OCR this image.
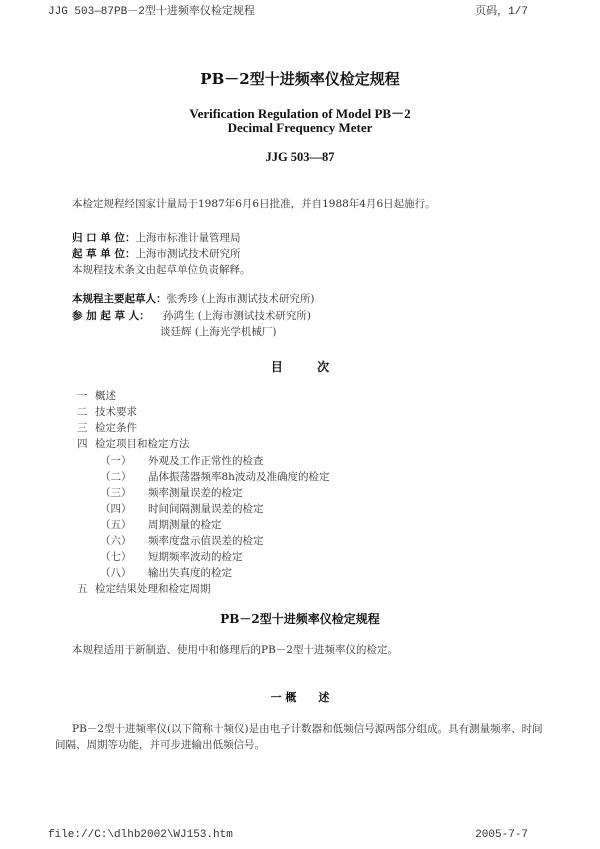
JJG 503—87PB－2型十进频率仪检定规程	页码，1/7
PB－2型十进频率仪检定规程
Verification Regulation of Model PB－2
Decimal Frequency Meter
JJG 503—87
本检定规程经国家计量局于1987年6月6日批准，并自1988年4月6日起施行。
归 口 单 位：上海市标准计量管理局
起 草 单 位：上海市测试技术研究所
本规程技术条文由起草单位负责解释。
本规程主要起草人：张秀珍 (上海市测试技术研究所)
参 加 起 草 人： 孙鸿生 (上海市测试技术研究所)
谈廷辉 (上海光学机械厂)
目 次
一 概述
二 技术要求
三 检定条件
四 检定项目和检定方法
（一） 外观及工作正常性的检查
（二） 晶体振荡器频率8h波动及准确度的检定
（三） 频率测量误差的检定
（四） 时间间隔测量误差的检定
（五） 周期测量的检定
（六） 频率度盘示值误差的检定
（七） 短期频率波动的检定
（八） 输出失真度的检定
五 检定结果处理和检定周期
PB－2型十进频率仪检定规程
本规程适用于新制造、使用中和修理后的PB－2型十进频率仪的检定。
一 概　　述
PB－2型十进频率仪(以下简称十频仪)是由电子计数器和低频信号源两部分组成。具有测量频率、时间
间隔、周期等功能，并可步进输出低频信号。
file://C:\dlhb2002\WJ153.htm	2005-7-7
